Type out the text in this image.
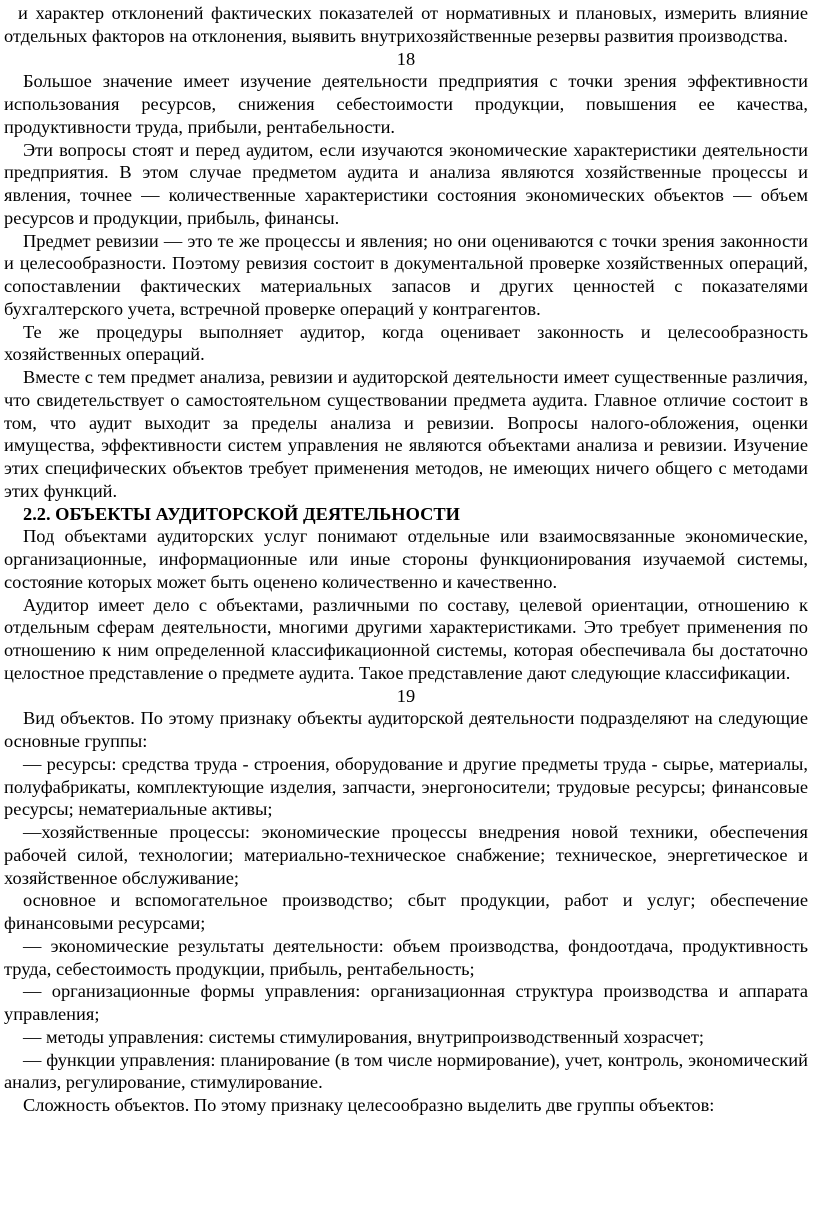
и характер отклонений фактических показателей от нормативных и плановых, измерить влияние отдельных факторов на отклонения, выявить внутрихозяйственные резервы развития производства.

18

Большое значение имеет изучение деятельности предприятия с точки зрения эффективности использования ресурсов, снижения себестоимости продукции, повышения ее качества, продуктивности труда, прибыли, рентабельности.

Эти вопросы стоят и перед аудитом, если изучаются экономические характеристики деятельности предприятия. В этом случае предметом аудита и анализа являются хозяйственные процессы и явления, точнее — количественные характеристики состояния экономических объектов — объем ресурсов и продукции, прибыль, финансы.

Предмет ревизии — это те же процессы и явления; но они оцениваются с точки зрения законности и целесообразности. Поэтому ревизия состоит в документальной проверке хозяйственных операций, сопоставлении фактических материальных запасов и других ценностей с показателями бухгалтерского учета, встречной проверке операций у контрагентов.

Те же процедуры выполняет аудитор, когда оценивает законность и целесообразность хозяйственных операций.

Вместе с тем предмет анализа, ревизии и аудиторской деятельности имеет существенные различия, что свидетельствует о самостоятельном существовании предмета аудита. Главное отличие состоит в том, что аудит выходит за пределы анализа и ревизии. Вопросы налого-обложения, оценки имущества, эффективности систем управления не являются объектами анализа и ревизии. Изучение этих специфических объектов требует применения методов, не имеющих ничего общего с методами этих функций.

2.2. ОБЪЕКТЫ АУДИТОРСКОЙ ДЕЯТЕЛЬНОСТИ

Под объектами аудиторских услуг понимают отдельные или взаимосвязанные экономические, организационные, информационные или иные стороны функционирования изучаемой системы, состояние которых может быть оценено количественно и качественно.

Аудитор имеет дело с объектами, различными по составу, целевой ориентации, отношению к отдельным сферам деятельности, многими другими характеристиками. Это требует применения по отношению к ним определенной классификационной системы, которая обеспечивала бы достаточно целостное представление о предмете аудита. Такое представление дают следующие классификации.

19

Вид объектов. По этому признаку объекты аудиторской деятельности подразделяют на следующие основные группы:

— ресурсы: средства труда - строения, оборудование и другие предметы труда - сырье, материалы, полуфабрикаты, комплектующие изделия, запчасти, энергоносители; трудовые ресурсы; финансовые ресурсы; нематериальные активы;

—хозяйственные процессы: экономические процессы внедрения новой техники, обеспечения рабочей силой, технологии; материально-техническое снабжение; техническое, энергетическое и хозяйственное обслуживание;

основное и вспомогательное производство; сбыт продукции, работ и услуг; обеспечение финансовыми ресурсами;

— экономические результаты деятельности: объем производства, фондоотдача, продуктивность труда, себестоимость продукции, прибыль, рентабельность;

— организационные формы управления: организационная структура производства и аппарата управления;

— методы управления: системы стимулирования, внутрипроизводственный хозрасчет;

— функции управления: планирование (в том числе нормирование), учет, контроль, экономический анализ, регулирование, стимулирование.

Сложность объектов. По этому признаку целесообразно выделить две группы объектов:
